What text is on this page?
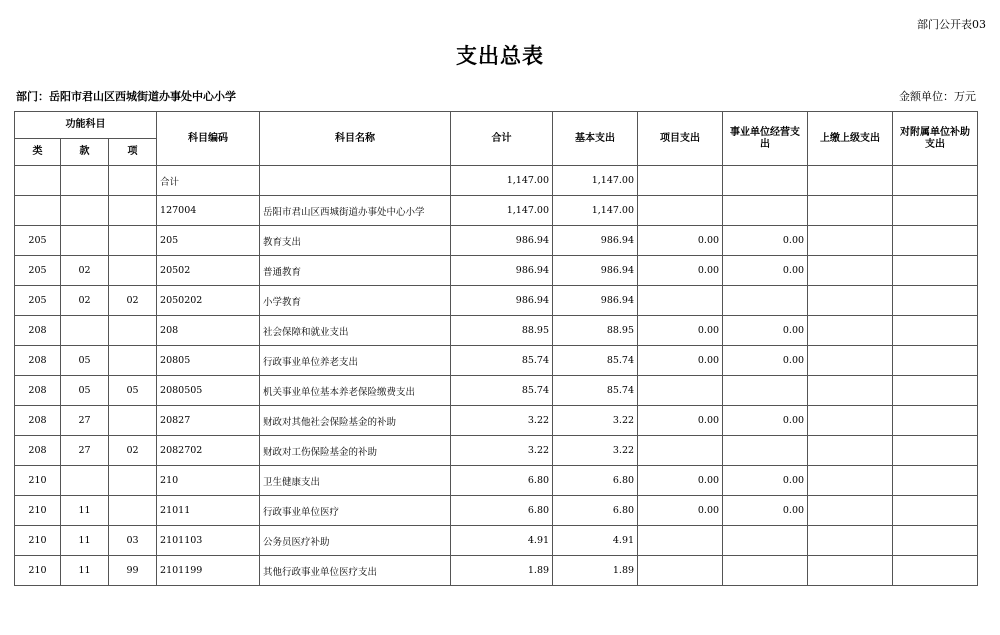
部门公开表03
支出总表
部门：岳阳市君山区西城街道办事处中心小学	金额单位：万元
功能科目			科目编码	科目名称	合计	基本支出	项目支出	事业单位经营支出	上缴上级支出	对附属单位补助支出
类	款	项								
			合计		1,147.00	1,147.00				
			127004	岳阳市君山区西城街道办事处中心小学	1,147.00	1,147.00				
205			205	教育支出	986.94	986.94	0.00	0.00		
205	02		20502	普通教育	986.94	986.94	0.00	0.00		
205	02	02	2050202	小学教育	986.94	986.94				
208			208	社会保障和就业支出	88.95	88.95	0.00	0.00		
208	05		20805	行政事业单位养老支出	85.74	85.74	0.00	0.00		
208	05	05	2080505	机关事业单位基本养老保险缴费支出	85.74	85.74				
208	27		20827	财政对其他社会保险基金的补助	3.22	3.22	0.00	0.00		
208	27	02	2082702	财政对工伤保险基金的补助	3.22	3.22				
210			210	卫生健康支出	6.80	6.80	0.00	0.00		
210	11		21011	行政事业单位医疗	6.80	6.80	0.00	0.00		
210	11	03	2101103	公务员医疗补助	4.91	4.91				
210	11	99	2101199	其他行政事业单位医疗支出	1.89	1.89				
